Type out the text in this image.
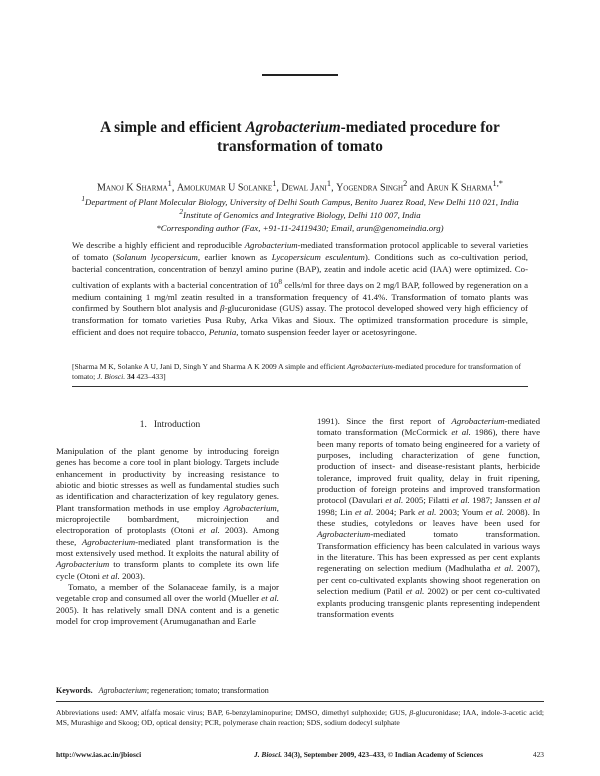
A simple and efficient Agrobacterium-mediated procedure for transformation of tomato
Manoj K Sharma$^1$, Amolkumar U Solanke$^1$, Dewal Jani$^1$, Yogendra Singh$^2$ and Arun K Sharma$^{1,*}$
$^1$Department of Plant Molecular Biology, University of Delhi South Campus, Benito Juarez Road, New Delhi 110 021, India
$^2$Institute of Genomics and Integrative Biology, Delhi 110 007, India
*Corresponding author (Fax, +91-11-24119430; Email, arun@genomeindia.org)
We describe a highly efficient and reproducible Agrobacterium-mediated transformation protocol applicable to several varieties of tomato (Solanum lycopersicum, earlier known as Lycopersicum esculentum). Conditions such as co-cultivation period, bacterial concentration, concentration of benzyl amino purine (BAP), zeatin and indole acetic acid (IAA) were optimized. Co-cultivation of explants with a bacterial concentration of $10^8$ cells/ml for three days on 2 mg/l BAP, followed by regeneration on a medium containing 1 mg/ml zeatin resulted in a transformation frequency of 41.4%. Transformation of tomato plants was confirmed by Southern blot analysis and β-glucuronidase (GUS) assay. The protocol developed showed very high efficiency of transformation for tomato varieties Pusa Ruby, Arka Vikas and Sioux. The optimized transformation procedure is simple, efficient and does not require tobacco, Petunia, tomato suspension feeder layer or acetosyringone.
[Sharma M K, Solanke A U, Jani D, Singh Y and Sharma A K 2009 A simple and efficient Agrobacterium-mediated procedure for transformation of tomato; J. Biosci. 34 423–433]
1. Introduction

Manipulation of the plant genome by introducing foreign genes has become a core tool in plant biology. Targets include enhancement in productivity by increasing resistance to abiotic and biotic stresses as well as fundamental studies such as identification and characterization of key regulatory genes. Plant transformation methods in use employ Agrobacterium, microprojectile bombardment, microinjection and electroporation of protoplasts (Otoni et al. 2003). Among these, Agrobacterium-mediated plant transformation is the most extensively used method. It exploits the natural ability of Agrobacterium to transform plants to complete its own life cycle (Otoni et al. 2003).

Tomato, a member of the Solanaceae family, is a major vegetable crop and consumed all over the world (Mueller et al. 2005). It has relatively small DNA content and is a genetic model for crop improvement (Arumuganathan and Earle

1991). Since the first report of Agrobacterium-mediated tomato transformation (McCormick et al. 1986), there have been many reports of tomato being engineered for a variety of purposes, including characterization of gene function, production of insect- and disease-resistant plants, herbicide tolerance, improved fruit quality, delay in fruit ripening, production of foreign proteins and improved transformation protocol (Davulari et al. 2005; Filatti et al. 1987; Janssen et al 1998; Lin et al. 2004; Park et al. 2003; Youm et al. 2008). In these studies, cotyledons or leaves have been used for Agrobacterium-mediated tomato transformation. Transformation efficiency has been calculated in various ways in the literature. This has been expressed as per cent explants regenerating on selection medium (Madhulatha et al. 2007), per cent co-cultivated explants showing shoot regeneration on selection medium (Patil et al. 2002) or per cent co-cultivated explants producing transgenic plants representing independent transformation events

Keywords. Agrobacterium; regeneration; tomato; transformation
Abbreviations used: AMV, alfalfa mosaic virus; BAP, 6-benzylaminopurine; DMSO, dimethyl sulphoxide; GUS, β-glucuronidase; IAA, indole-3-acetic acid; MS, Murashige and Skoog; OD, optical density; PCR, polymerase chain reaction; SDS, sodium dodecyl sulphate
http://www.ias.ac.in/jbiosci	J. Biosci. 34(3), September 2009, 423–433, © Indian Academy of Sciences	423
